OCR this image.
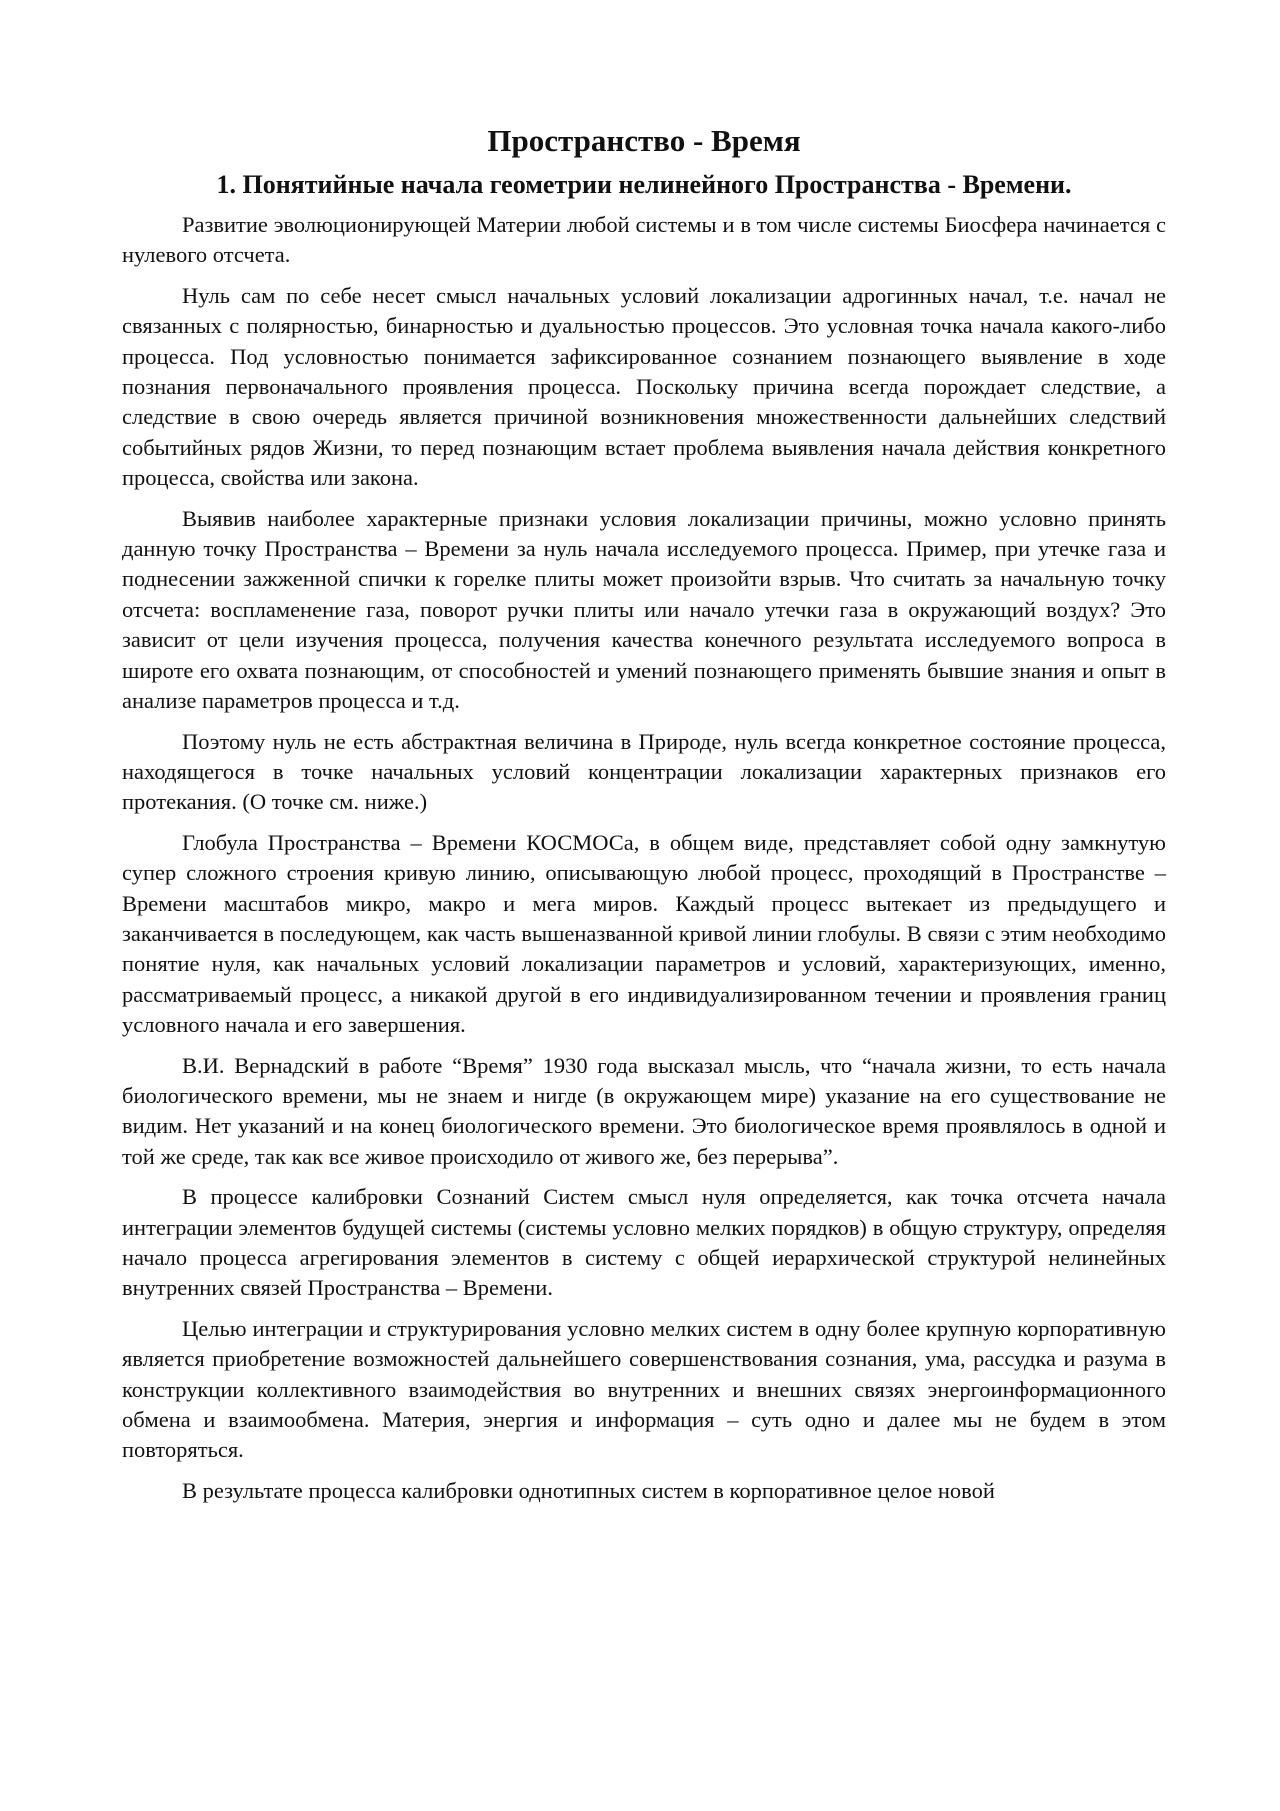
Пространство - Время
1. Понятийные начала геометрии нелинейного Пространства - Времени.

Развитие эволюционирующей Материи любой системы и в том числе системы Биосфера начинается с нулевого отсчета.

Нуль сам по себе несет смысл начальных условий локализации адрогинных начал, т.е. начал не связанных с полярностью, бинарностью и дуальностью процессов. Это условная точка начала какого-либо процесса. Под условностью понимается зафиксированное сознанием познающего выявление в ходе познания первоначального проявления процесса. Поскольку причина всегда порождает следствие, а следствие в свою очередь является причиной возникновения множественности дальнейших следствий событийных рядов Жизни, то перед познающим встает проблема выявления начала действия конкретного процесса, свойства или закона.

Выявив наиболее характерные признаки условия локализации причины, можно условно принять данную точку Пространства – Времени за нуль начала исследуемого процесса. Пример, при утечке газа и поднесении зажженной спички к горелке плиты может произойти взрыв. Что считать за начальную точку отсчета: воспламенение газа, поворот ручки плиты или начало утечки газа в окружающий воздух? Это зависит от цели изучения процесса, получения качества конечного результата исследуемого вопроса в широте его охвата познающим, от способностей и умений познающего применять бывшие знания и опыт в анализе параметров процесса и т.д.

Поэтому нуль не есть абстрактная величина в Природе, нуль всегда конкретное состояние процесса, находящегося в точке начальных условий концентрации локализации характерных признаков его протекания. (О точке см. ниже.)

Глобула Пространства – Времени КОСМОСа, в общем виде, представляет собой одну замкнутую супер сложного строения кривую линию, описывающую любой процесс, проходящий в Пространстве – Времени масштабов микро, макро и мега миров. Каждый процесс вытекает из предыдущего и заканчивается в последующем, как часть вышеназванной кривой линии глобулы. В связи с этим необходимо понятие нуля, как начальных условий локализации параметров и условий, характеризующих, именно, рассматриваемый процесс, а никакой другой в его индивидуализированном течении и проявления границ условного начала и его завершения.

В.И. Вернадский в работе “Время” 1930 года высказал мысль, что “начала жизни, то есть начала биологического времени, мы не знаем и нигде (в окружающем мире) указание на его существование не видим. Нет указаний и на конец биологического времени. Это биологическое время проявлялось в одной и той же среде, так как все живое происходило от живого же, без перерыва”.

В процессе калибровки Сознаний Систем смысл нуля определяется, как точка отсчета начала интеграции элементов будущей системы (системы условно мелких порядков) в общую структуру, определяя начало процесса агрегирования элементов в систему с общей иерархической структурой нелинейных внутренних связей Пространства – Времени.

Целью интеграции и структурирования условно мелких систем в одну более крупную корпоративную является приобретение возможностей дальнейшего совершенствования сознания, ума, рассудка и разума в конструкции коллективного взаимодействия во внутренних и внешних связях энергоинформационного обмена и взаимообмена. Материя, энергия и информация – суть одно и далее мы не будем в этом повторяться.

В результате процесса калибровки однотипных систем в корпоративное целое новой
